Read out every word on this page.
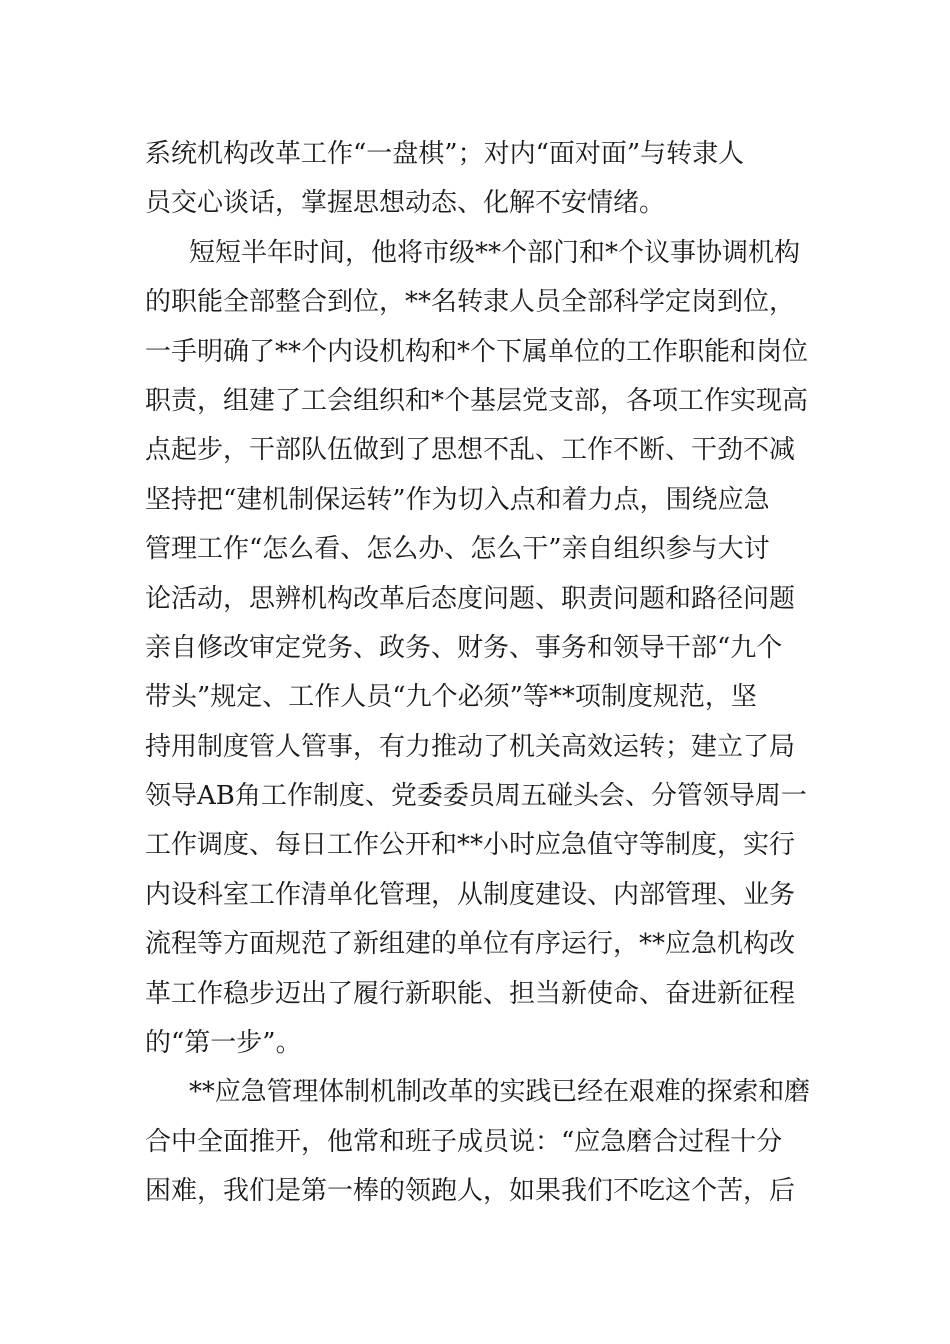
系统机构改革工作“一盘棋”；对内“面对面”与转隶人
员交心谈话，掌握思想动态、化解不安情绪。
短短半年时间，他将市级**个部门和*个议事协调机构
的职能全部整合到位，**名转隶人员全部科学定岗到位，
一手明确了**个内设机构和*个下属单位的工作职能和岗位
职责，组建了工会组织和*个基层党支部，各项工作实现高
点起步，干部队伍做到了思想不乱、工作不断、干劲不减
坚持把“建机制保运转”作为切入点和着力点，围绕应急
管理工作“怎么看、怎么办、怎么干”亲自组织参与大讨
论活动，思辨机构改革后态度问题、职责问题和路径问题
亲自修改审定党务、政务、财务、事务和领导干部“九个
带头”规定、工作人员“九个必须”等**项制度规范，坚
持用制度管人管事，有力推动了机关高效运转；建立了局
领导AB角工作制度、党委委员周五碰头会、分管领导周一
工作调度、每日工作公开和**小时应急值守等制度，实行
内设科室工作清单化管理，从制度建设、内部管理、业务
流程等方面规范了新组建的单位有序运行，**应急机构改
革工作稳步迈出了履行新职能、担当新使命、奋进新征程
的“第一步”。
**应急管理体制机制改革的实践已经在艰难的探索和磨
合中全面推开，他常和班子成员说：“应急磨合过程十分
困难，我们是第一棒的领跑人，如果我们不吃这个苦，后
